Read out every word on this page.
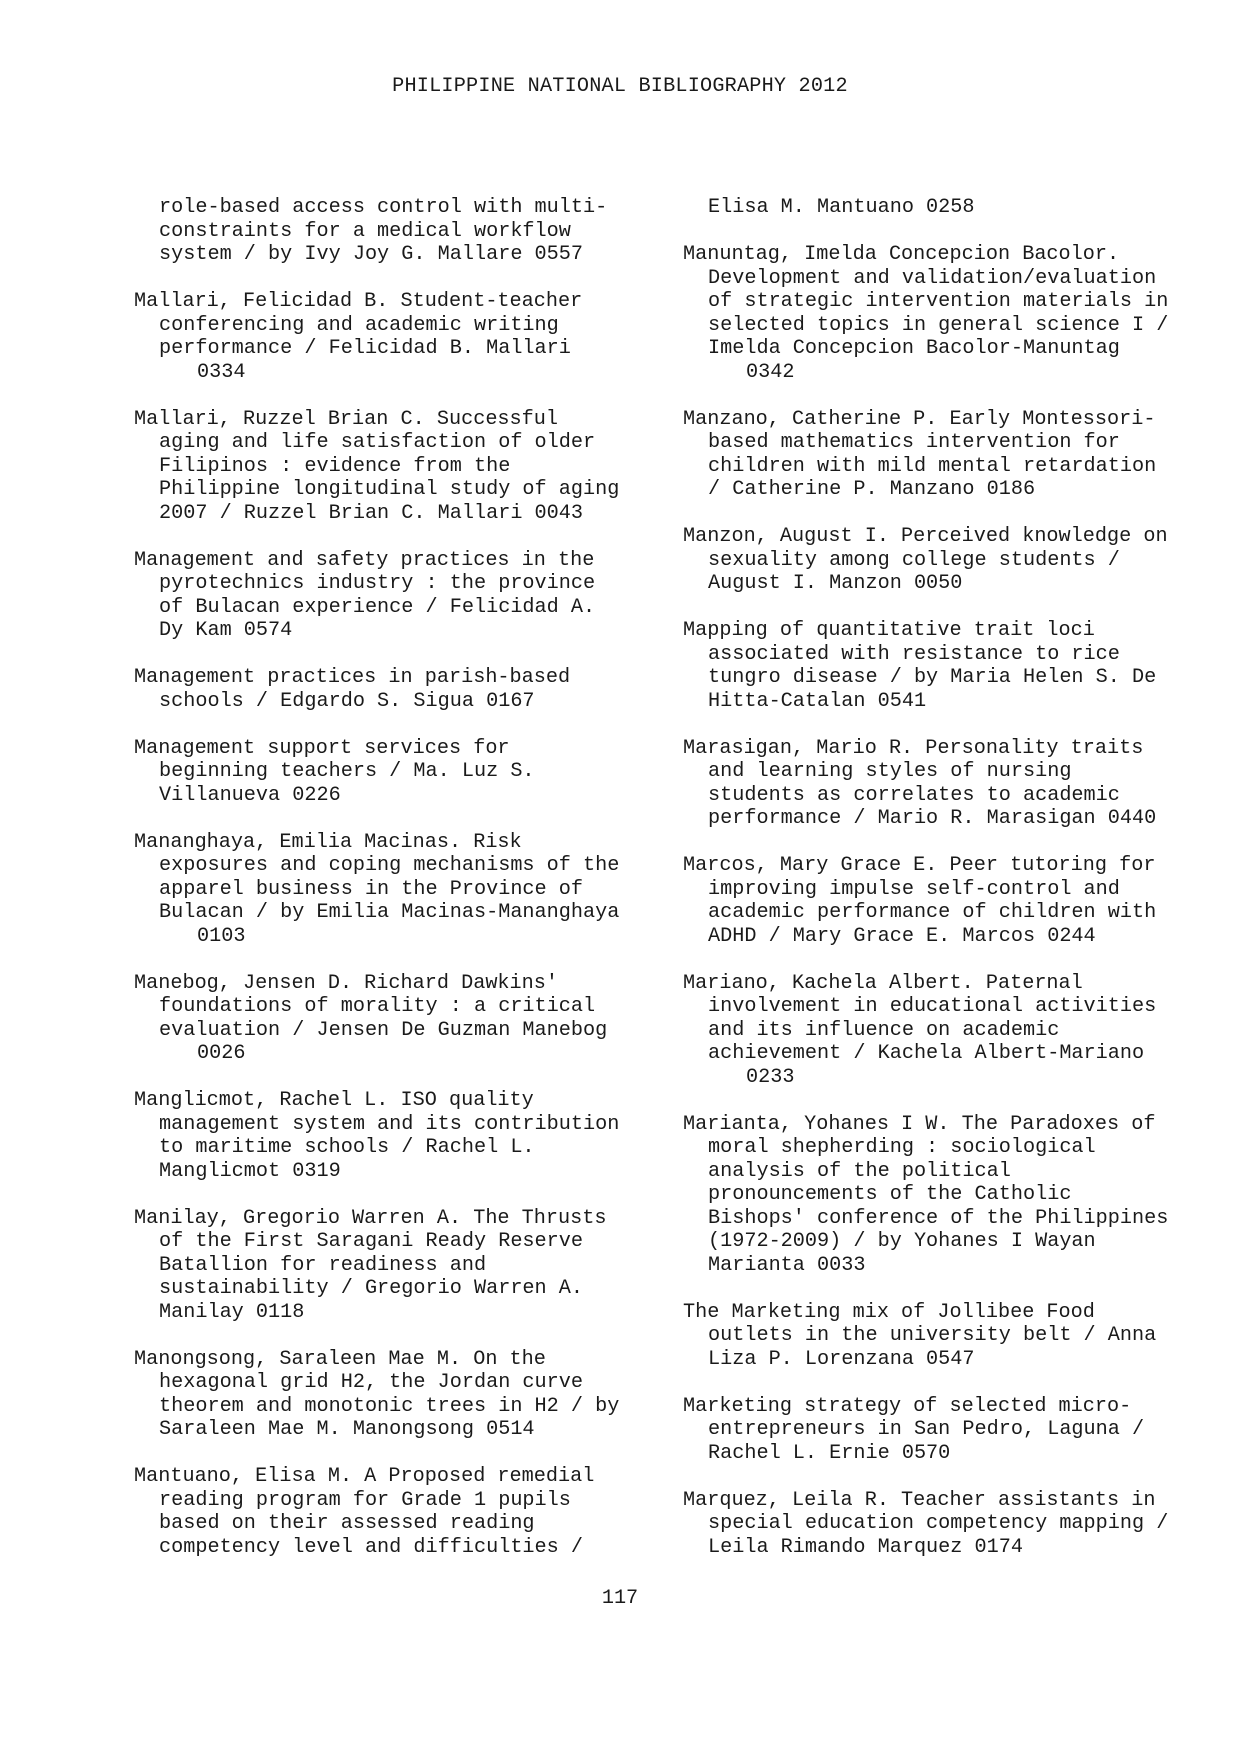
PHILIPPINE NATIONAL BIBLIOGRAPHY 2012
role-based access control with multi-
constraints for a medical workflow
system / by Ivy Joy G. Mallare 0557
Mallari, Felicidad B. Student-teacher
conferencing and academic writing
performance / Felicidad B. Mallari
0334
Mallari, Ruzzel Brian C. Successful
aging and life satisfaction of older
Filipinos : evidence from the
Philippine longitudinal study of aging
2007 / Ruzzel Brian C. Mallari 0043
Management and safety practices in the
pyrotechnics industry : the province
of Bulacan experience / Felicidad A.
Dy Kam 0574
Management practices in parish-based
schools / Edgardo S. Sigua 0167
Management support services for
beginning teachers / Ma. Luz S.
Villanueva 0226
Mananghaya, Emilia Macinas. Risk
exposures and coping mechanisms of the
apparel business in the Province of
Bulacan / by Emilia Macinas-Mananghaya
0103
Manebog, Jensen D. Richard Dawkins'
foundations of morality : a critical
evaluation / Jensen De Guzman Manebog
0026
Manglicmot, Rachel L. ISO quality
management system and its contribution
to maritime schools / Rachel L.
Manglicmot 0319
Manilay, Gregorio Warren A. The Thrusts
of the First Saragani Ready Reserve
Batallion for readiness and
sustainability / Gregorio Warren A.
Manilay 0118
Manongsong, Saraleen Mae M. On the
hexagonal grid H2, the Jordan curve
theorem and monotonic trees in H2 / by
Saraleen Mae M. Manongsong 0514
Mantuano, Elisa M. A Proposed remedial
reading program for Grade 1 pupils
based on their assessed reading
competency level and difficulties /
Elisa M. Mantuano 0258
Manuntag, Imelda Concepcion Bacolor.
Development and validation/evaluation
of strategic intervention materials in
selected topics in general science I /
Imelda Concepcion Bacolor-Manuntag
0342
Manzano, Catherine P. Early Montessori-
based mathematics intervention for
children with mild mental retardation
/ Catherine P. Manzano 0186
Manzon, August I. Perceived knowledge on
sexuality among college students /
August I. Manzon 0050
Mapping of quantitative trait loci
associated with resistance to rice
tungro disease / by Maria Helen S. De
Hitta-Catalan 0541
Marasigan, Mario R. Personality traits
and learning styles of nursing
students as correlates to academic
performance / Mario R. Marasigan 0440
Marcos, Mary Grace E. Peer tutoring for
improving impulse self-control and
academic performance of children with
ADHD / Mary Grace E. Marcos 0244
Mariano, Kachela Albert. Paternal
involvement in educational activities
and its influence on academic
achievement / Kachela Albert-Mariano
0233
Marianta, Yohanes I W. The Paradoxes of
moral shepherding : sociological
analysis of the political
pronouncements of the Catholic
Bishops' conference of the Philippines
(1972-2009) / by Yohanes I Wayan
Marianta 0033
The Marketing mix of Jollibee Food
outlets in the university belt / Anna
Liza P. Lorenzana 0547
Marketing strategy of selected micro-
entrepreneurs in San Pedro, Laguna /
Rachel L. Ernie 0570
Marquez, Leila R. Teacher assistants in
special education competency mapping /
Leila Rimando Marquez 0174
117
